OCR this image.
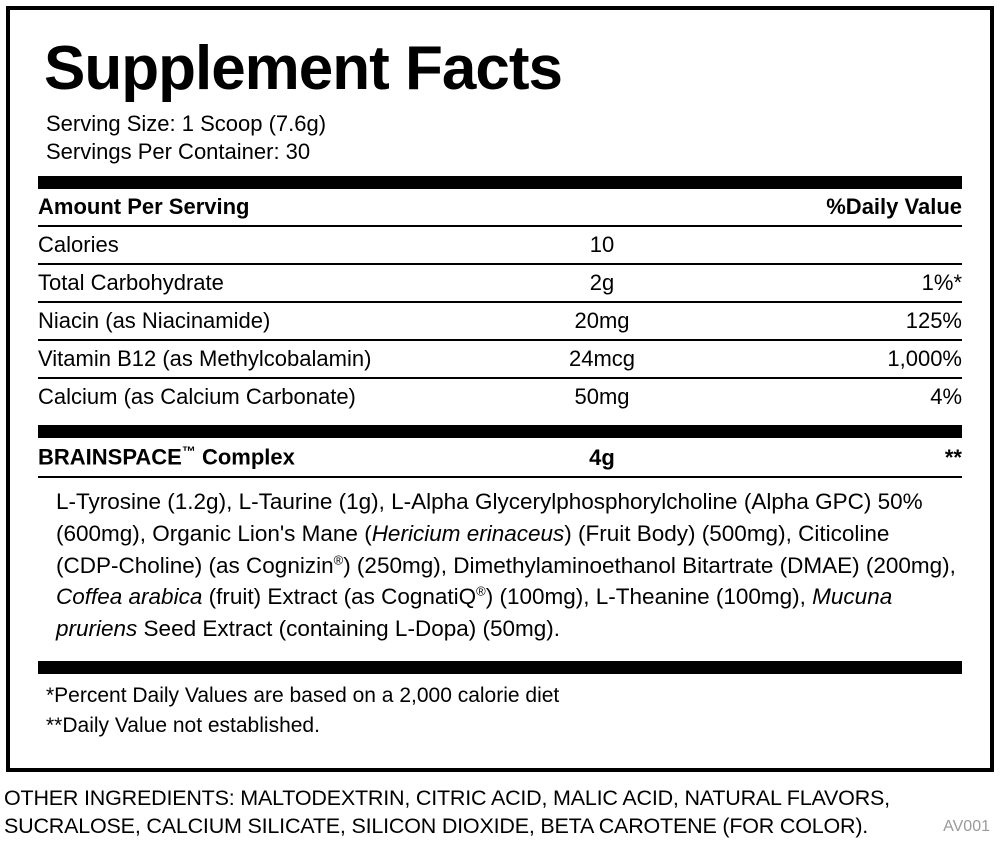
Supplement Facts
Serving Size: 1 Scoop (7.6g)
Servings Per Container: 30
Amount Per Serving		%Daily Value
Calories	10	
Total Carbohydrate	2g	1%*
Niacin (as Niacinamide)	20mg	125%
Vitamin B12 (as Methylcobalamin)	24mcg	1,000%
Calcium (as Calcium Carbonate)	50mg	4%
BRAINSPACE™ Complex	4g	**
L-Tyrosine (1.2g), L-Taurine (1g), L-Alpha Glycerylphosphorylcholine (Alpha GPC) 50% (600mg), Organic Lion's Mane (Hericium erinaceus) (Fruit Body) (500mg), Citicoline (CDP-Choline) (as Cognizin®) (250mg), Dimethylaminoethanol Bitartrate (DMAE) (200mg), Coffea arabica (fruit) Extract (as CognatiQ®) (100mg), L-Theanine (100mg), Mucuna pruriens Seed Extract (containing L-Dopa) (50mg).
*Percent Daily Values are based on a 2,000 calorie diet
**Daily Value not established.
OTHER INGREDIENTS: MALTODEXTRIN, CITRIC ACID, MALIC ACID, NATURAL FLAVORS, SUCRALOSE, CALCIUM SILICATE, SILICON DIOXIDE, BETA CAROTENE (FOR COLOR).	AV001
